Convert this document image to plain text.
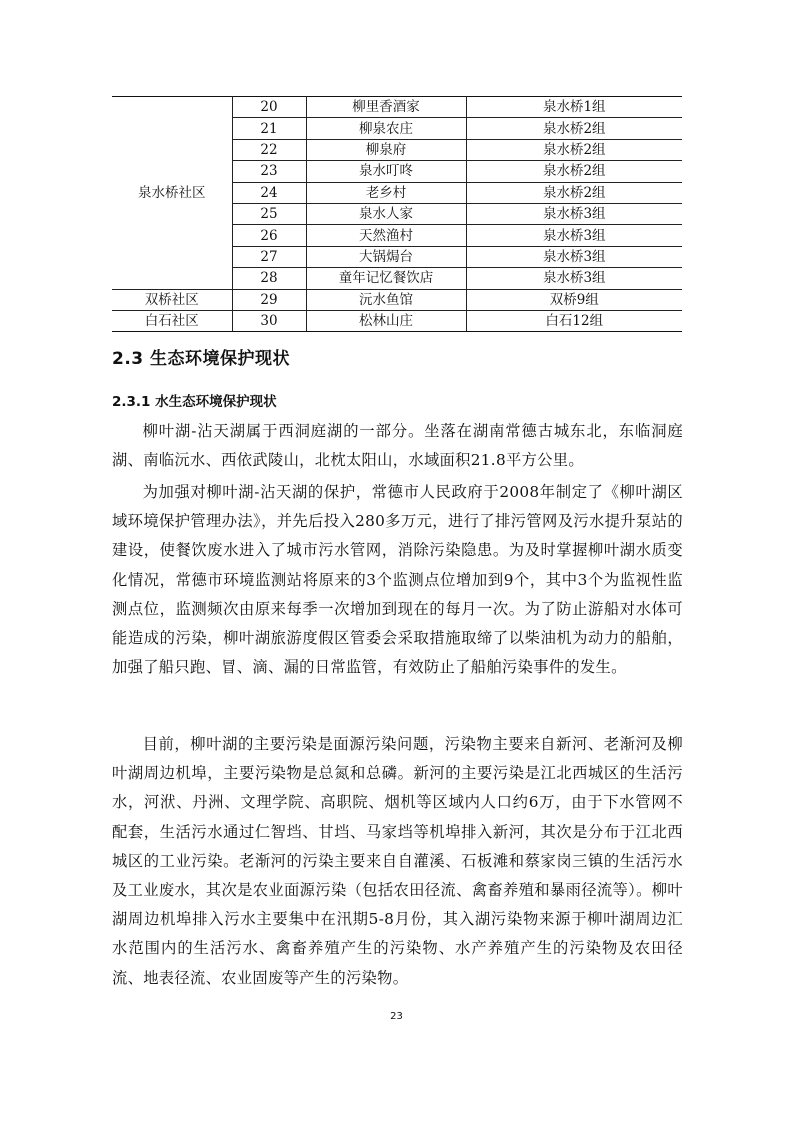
泉水桥社区	20	柳里香酒家	泉水桥1组
	21	柳泉农庄	泉水桥2组
	22	柳泉府	泉水桥2组
	23	泉水叮咚	泉水桥2组
	24	老乡村	泉水桥2组
	25	泉水人家	泉水桥3组
	26	天然渔村	泉水桥3组
	27	大锅焗台	泉水桥3组
	28	童年记忆餐饮店	泉水桥3组
双桥社区	29	沅水鱼馆	双桥9组
白石社区	30	松林山庄	白石12组
2.3 生态环境保护现状
2.3.1 水生态环境保护现状

柳叶湖-沾天湖属于西洞庭湖的一部分。坐落在湖南常德古城东北，东临洞庭湖、南临沅水、西依武陵山，北枕太阳山，水域面积21.8平方公里。

为加强对柳叶湖-沾天湖的保护，常德市人民政府于2008年制定了《柳叶湖区域环境保护管理办法》，并先后投入280多万元，进行了排污管网及污水提升泵站的建设，使餐饮废水进入了城市污水管网，消除污染隐患。为及时掌握柳叶湖水质变化情况，常德市环境监测站将原来的3个监测点位增加到9个，其中3个为监视性监测点位，监测频次由原来每季一次增加到现在的每月一次。为了防止游船对水体可能造成的污染，柳叶湖旅游度假区管委会采取措施取缔了以柴油机为动力的船舶，加强了船只跑、冒、滴、漏的日常监管，有效防止了船舶污染事件的发生。

目前，柳叶湖的主要污染是面源污染问题，污染物主要来自新河、老渐河及柳叶湖周边机埠，主要污染物是总氮和总磷。新河的主要污染是江北西城区的生活污水，河洑、丹洲、文理学院、高职院、烟机等区域内人口约6万，由于下水管网不配套，生活污水通过仁智垱、甘垱、马家垱等机埠排入新河，其次是分布于江北西城区的工业污染。老渐河的污染主要来自自灌溪、石板滩和蔡家岗三镇的生活污水及工业废水，其次是农业面源污染（包括农田径流、禽畜养殖和暴雨径流等）。柳叶湖周边机埠排入污水主要集中在汛期5-8月份，其入湖污染物来源于柳叶湖周边汇水范围内的生活污水、禽畜养殖产生的污染物、水产养殖产生的污染物及农田径流、地表径流、农业固废等产生的污染物。

23
